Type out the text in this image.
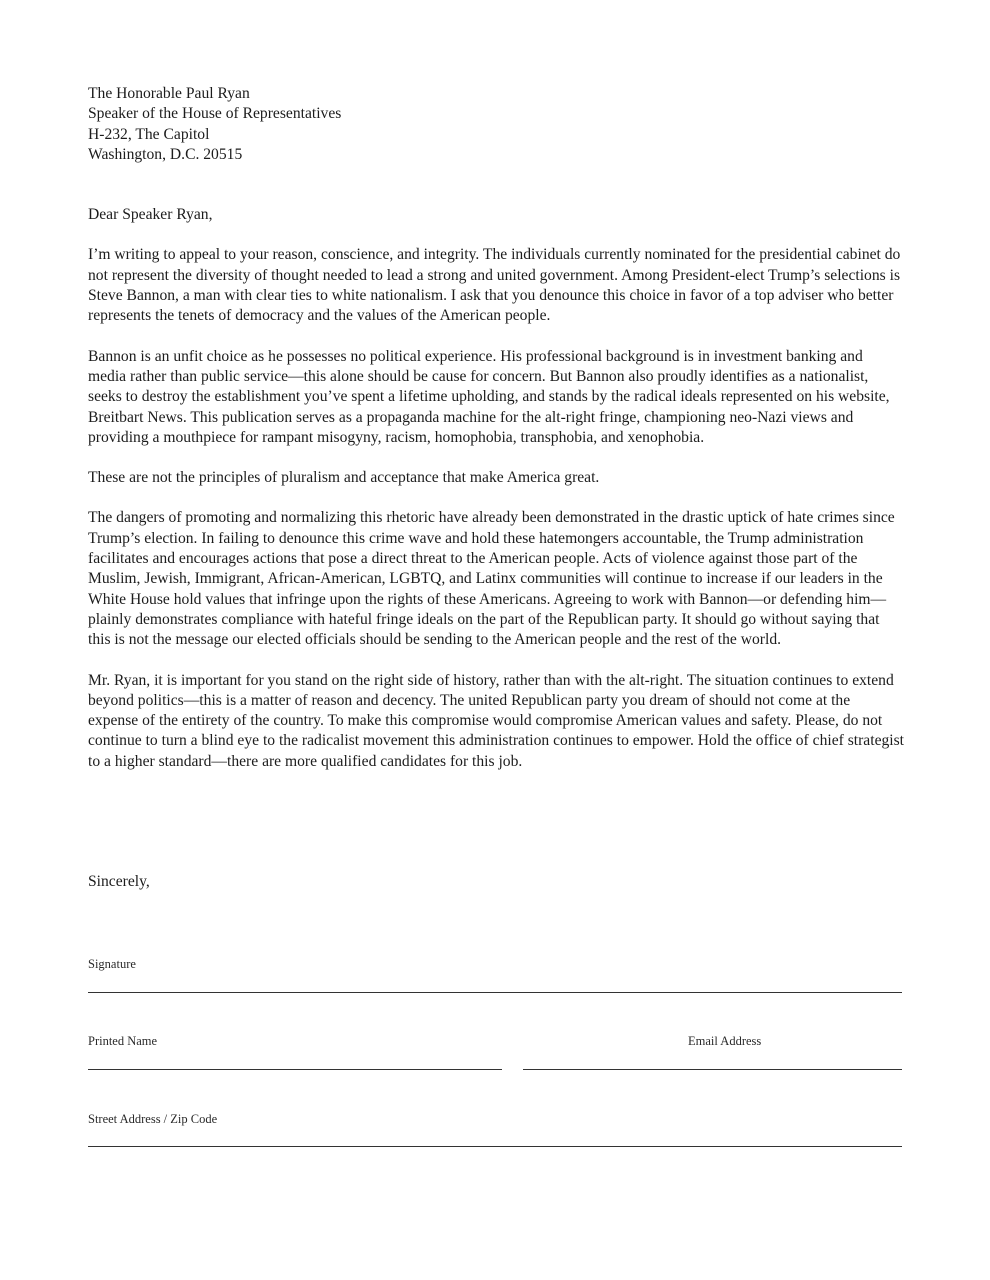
The Honorable Paul Ryan
Speaker of the House of Representatives
H-232, The Capitol
Washington, D.C. 20515

Dear Speaker Ryan,

I’m writing to appeal to your reason, conscience, and integrity. The individuals currently nominated for the presidential cabinet do not represent the diversity of thought needed to lead a strong and united government. Among President-elect Trump’s selections is Steve Bannon, a man with clear ties to white nationalism. I ask that you denounce this choice in favor of a top adviser who better represents the tenets of democracy and the values of the American people.

Bannon is an unfit choice as he possesses no political experience. His professional background is in investment banking and media rather than public service—this alone should be cause for concern. But Bannon also proudly identifies as a nationalist, seeks to destroy the establishment you’ve spent a lifetime upholding, and stands by the radical ideals represented on his website, Breitbart News. This publication serves as a propaganda machine for the alt-right fringe, championing neo-Nazi views and providing a mouthpiece for rampant misogyny, racism, homophobia, transphobia, and xenophobia.

These are not the principles of pluralism and acceptance that make America great.

The dangers of promoting and normalizing this rhetoric have already been demonstrated in the drastic uptick of hate crimes since Trump’s election. In failing to denounce this crime wave and hold these hatemongers accountable, the Trump administration facilitates and encourages actions that pose a direct threat to the American people. Acts of violence against those part of the Muslim, Jewish, Immigrant, African-American, LGBTQ, and Latinx communities will continue to increase if our leaders in the White House hold values that infringe upon the rights of these Americans. Agreeing to work with Bannon—or defending him—plainly demonstrates compliance with hateful fringe ideals on the part of the Republican party. It should go without saying that this is not the message our elected officials should be sending to the American people and the rest of the world.

Mr. Ryan, it is important for you stand on the right side of history, rather than with the alt-right. The situation continues to extend beyond politics—this is a matter of reason and decency. The united Republican party you dream of should not come at the expense of the entirety of the country. To make this compromise would compromise American values and safety. Please, do not continue to turn a blind eye to the radicalist movement this administration continues to empower. Hold the office of chief strategist to a higher standard—there are more qualified candidates for this job.

Sincerely,
Signature
Printed Name	Email Address
Street Address / Zip Code
